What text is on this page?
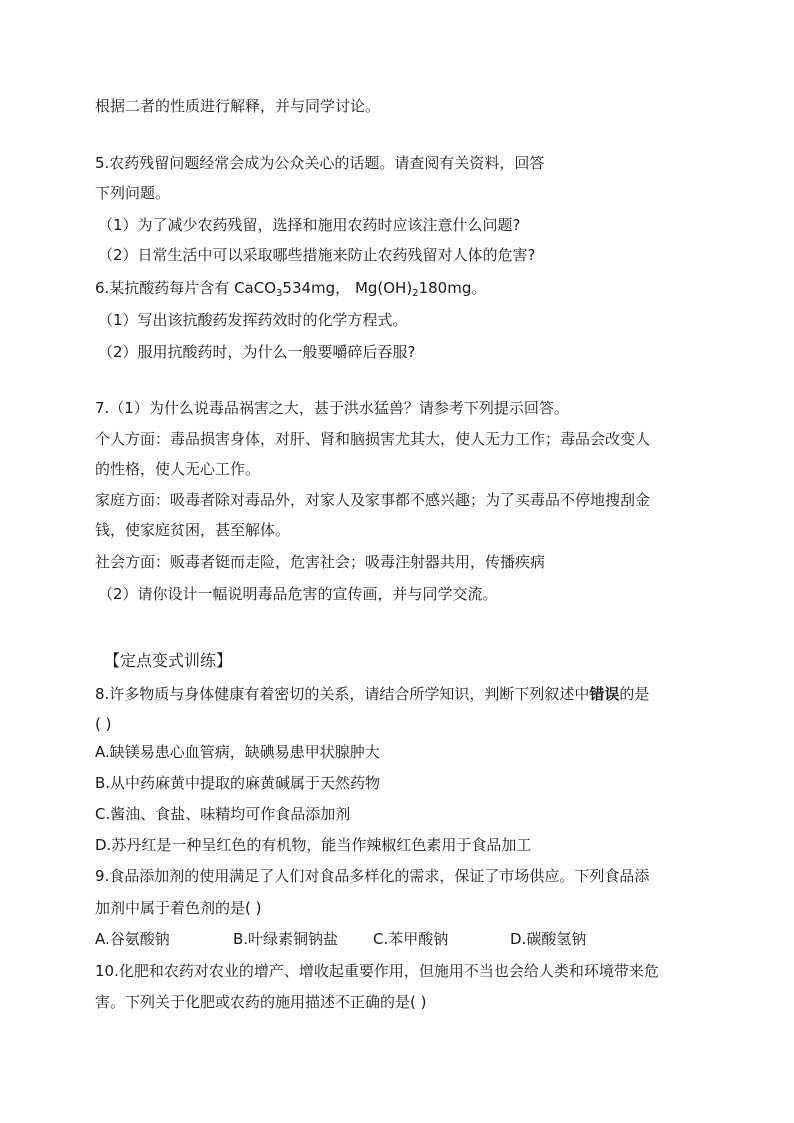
根据二者的性质进行解释，并与同学讨论。
5.农药残留问题经常会成为公众关心的话题。请查阅有关资料，回答
下列问题。
（1）为了减少农药残留，选择和施用农药时应该注意什么问题?
（2）日常生活中可以采取哪些措施来防止农药残留对人体的危害?
6.某抗酸药每片含有 CaCO$_3$534mg， $Mg(OH)_2180mg$。
（1）写出该抗酸药发挥药效时的化学方程式。
（2）服用抗酸药时，为什么一般要嚼碎后吞服?
7.（1）为什么说毒品祸害之大，甚于洪水猛兽？请参考下列提示回答。
个人方面：毒品损害身体，对肝、肾和脑损害尤其大，使人无力工作；毒品会改变人
的性格，使人无心工作。
家庭方面：吸毒者除对毒品外，对家人及家事都不感兴趣；为了买毒品不停地搜刮金
钱，使家庭贫困，甚至解体。
社会方面：贩毒者铤而走险，危害社会；吸毒注射器共用，传播疾病
（2）请你设计一幅说明毒品危害的宣传画，并与同学交流。
【定点变式训练】
8.许多物质与身体健康有着密切的关系，请结合所学知识，判断下列叙述中错误的是
( )
A.缺镁易患心血管病，缺碘易患甲状腺肿大
B.从中药麻黄中提取的麻黄碱属于天然药物
C.酱油、食盐、味精均可作食品添加剂
D.苏丹红是一种呈红色的有机物，能当作辣椒红色素用于食品加工
9.食品添加剂的使用满足了人们对食品多样化的需求，保证了市场供应。下列食品添
加剂中属于着色剂的是( )
A.谷氨酸钠	B.叶绿素铜钠盐 C.苯甲酸钠	D.碳酸氢钠
10.化肥和农药对农业的增产、增收起重要作用，但施用不当也会给人类和环境带来危
害。下列关于化肥或农药的施用描述不正确的是( )
